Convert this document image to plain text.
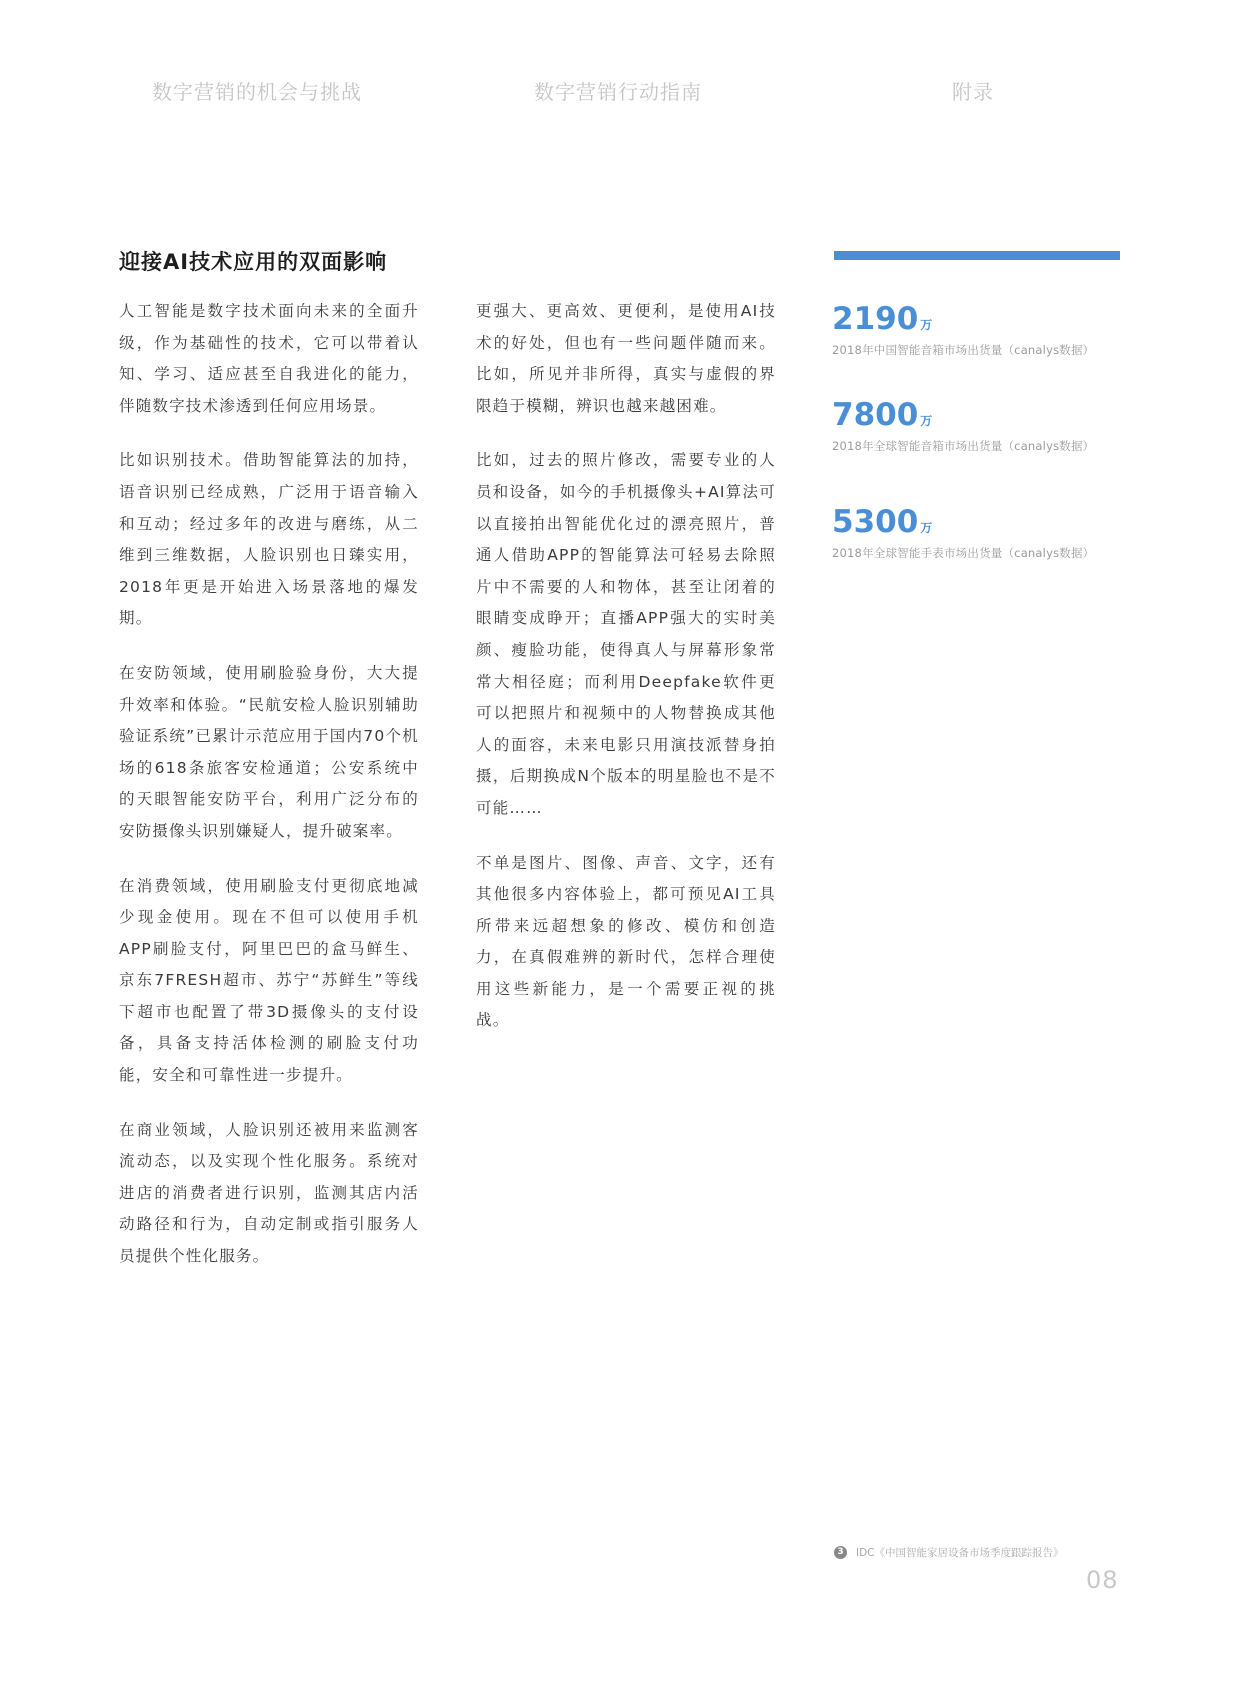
数字营销的机会与挑战	数字营销行动指南	附录
迎接AI技术应用的双面影响

人工智能是数字技术面向未来的全面升级，作为基础性的技术，它可以带着认知、学习、适应甚至自我进化的能力，伴随数字技术渗透到任何应用场景。

比如识别技术。借助智能算法的加持，语音识别已经成熟，广泛用于语音输入和互动；经过多年的改进与磨练，从二维到三维数据，人脸识别也日臻实用，2018年更是开始进入场景落地的爆发期。

在安防领域，使用刷脸验身份，大大提升效率和体验。“民航安检人脸识别辅助验证系统”已累计示范应用于国内70个机场的618条旅客安检通道；公安系统中的天眼智能安防平台，利用广泛分布的安防摄像头识别嫌疑人，提升破案率。

在消费领域，使用刷脸支付更彻底地减少现金使用。现在不但可以使用手机APP刷脸支付，阿里巴巴的盒马鲜生、京东7FRESH超市、苏宁“苏鲜生”等线下超市也配置了带3D摄像头的支付设备，具备支持活体检测的刷脸支付功能，安全和可靠性进一步提升。

在商业领域，人脸识别还被用来监测客流动态，以及实现个性化服务。系统对进店的消费者进行识别，监测其店内活动路径和行为，自动定制或指引服务人员提供个性化服务。

更强大、更高效、更便利，是使用AI技术的好处，但也有一些问题伴随而来。比如，所见并非所得，真实与虚假的界限趋于模糊，辨识也越来越困难。

比如，过去的照片修改，需要专业的人员和设备，如今的手机摄像头+AI算法可以直接拍出智能优化过的漂亮照片，普通人借助APP的智能算法可轻易去除照片中不需要的人和物体，甚至让闭着的眼睛变成睁开；直播APP强大的实时美颜、瘦脸功能，使得真人与屏幕形象常常大相径庭；而利用Deepfake软件更可以把照片和视频中的人物替换成其他人的面容，未来电影只用演技派替身拍摄，后期换成N个版本的明星脸也不是不可能……

不单是图片、图像、声音、文字，还有其他很多内容体验上，都可预见AI工具所带来远超想象的修改、模仿和创造力，在真假难辨的新时代，怎样合理使用这些新能力，是一个需要正视的挑战。

2190 万
2018年中国智能音箱市场出货量（canalys数据）
7800 万
2018年全球智能音箱市场出货量（canalys数据）
5300 万
2018年全球智能手表市场出货量（canalys数据）
3	IDC《中国智能家居设备市场季度跟踪报告》
08
